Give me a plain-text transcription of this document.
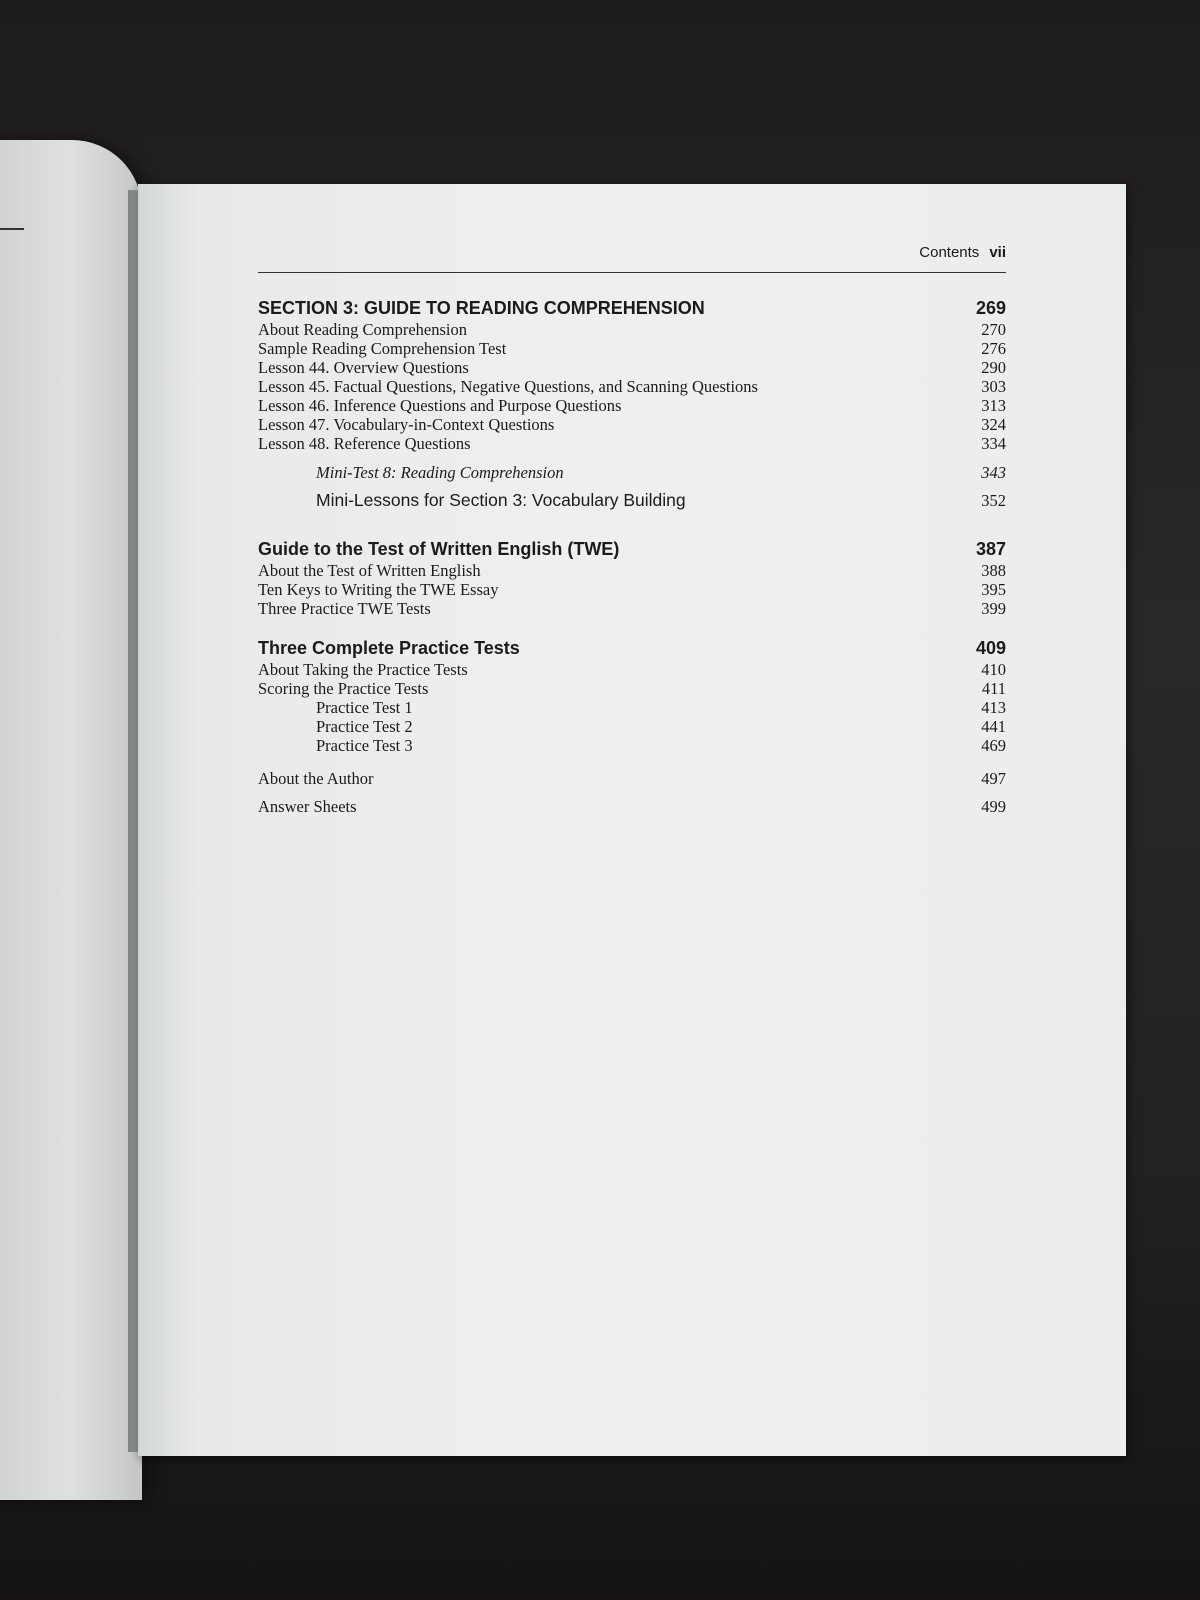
Contents vii
SECTION 3: GUIDE TO READING COMPREHENSION	269
About Reading Comprehension	270
Sample Reading Comprehension Test	276
Lesson 44. Overview Questions	290
Lesson 45. Factual Questions, Negative Questions, and Scanning Questions	303
Lesson 46. Inference Questions and Purpose Questions	313
Lesson 47. Vocabulary-in-Context Questions	324
Lesson 48. Reference Questions	334
Mini-Test 8: Reading Comprehension	343
Mini-Lessons for Section 3: Vocabulary Building	352
Guide to the Test of Written English (TWE)	387
About the Test of Written English	388
Ten Keys to Writing the TWE Essay	395
Three Practice TWE Tests	399
Three Complete Practice Tests	409
About Taking the Practice Tests	410
Scoring the Practice Tests	411
Practice Test 1	413
Practice Test 2	441
Practice Test 3	469
About the Author	497
Answer Sheets	499
